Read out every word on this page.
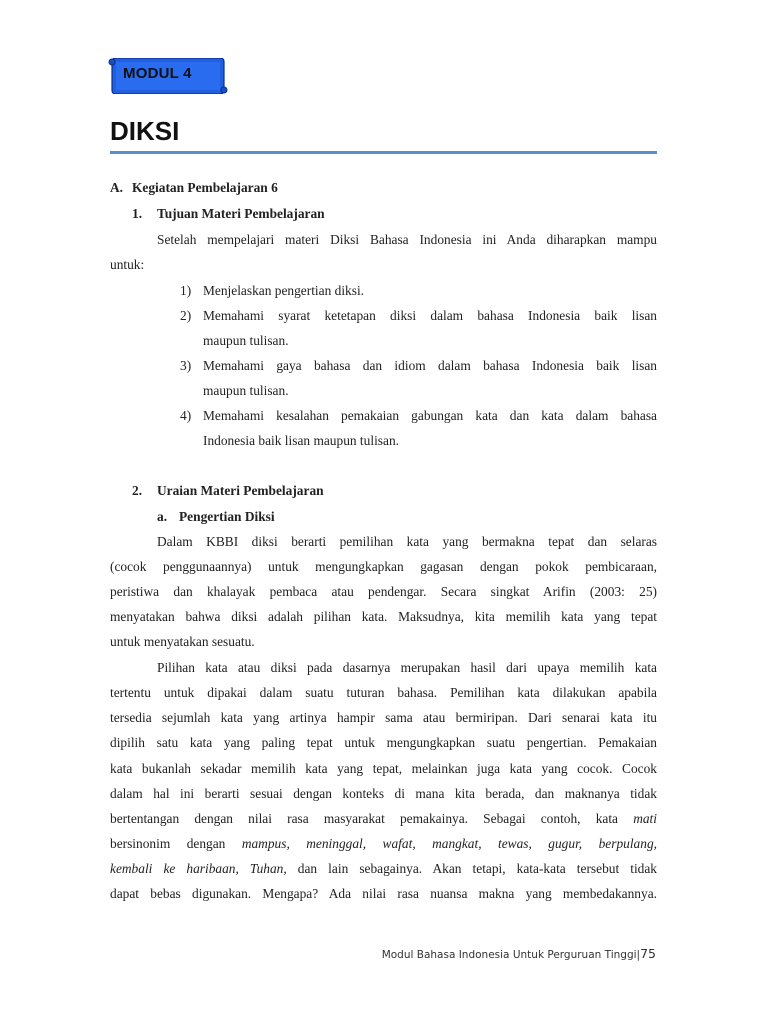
MODUL 4
DIKSI
A. Kegiatan Pembelajaran 6
1. Tujuan Materi Pembelajaran
Setelah mempelajari materi Diksi Bahasa Indonesia ini Anda diharapkan mampu
untuk:
1) Menjelaskan pengertian diksi.
2) Memahami syarat ketetapan diksi dalam bahasa Indonesia baik lisan
maupun tulisan.
3) Memahami gaya bahasa dan idiom dalam bahasa Indonesia baik lisan
maupun tulisan.
4) Memahami kesalahan pemakaian gabungan kata dan kata dalam bahasa
Indonesia baik lisan maupun tulisan.
2. Uraian Materi Pembelajaran
a. Pengertian Diksi
Dalam KBBI diksi berarti pemilihan kata yang bermakna tepat dan selaras
(cocok penggunaannya) untuk mengungkapkan gagasan dengan pokok pembicaraan,
peristiwa dan khalayak pembaca atau pendengar. Secara singkat Arifin (2003: 25)
menyatakan bahwa diksi adalah pilihan kata. Maksudnya, kita memilih kata yang tepat
untuk menyatakan sesuatu.
Pilihan kata atau diksi pada dasarnya merupakan hasil dari upaya memilih kata
tertentu untuk dipakai dalam suatu tuturan bahasa. Pemilihan kata dilakukan apabila
tersedia sejumlah kata yang artinya hampir sama atau bermiripan. Dari senarai kata itu
dipilih satu kata yang paling tepat untuk mengungkapkan suatu pengertian. Pemakaian
kata bukanlah sekadar memilih kata yang tepat, melainkan juga kata yang cocok. Cocok
dalam hal ini berarti sesuai dengan konteks di mana kita berada, dan maknanya tidak
bertentangan dengan nilai rasa masyarakat pemakainya. Sebagai contoh, kata mati
bersinonim dengan mampus, meninggal, wafat, mangkat, tewas, gugur, berpulang,
kembali ke haribaan, Tuhan, dan lain sebagainya. Akan tetapi, kata-kata tersebut tidak
dapat bebas digunakan. Mengapa? Ada nilai rasa nuansa makna yang membedakannya.
Modul Bahasa Indonesia Untuk Perguruan Tinggi|75
